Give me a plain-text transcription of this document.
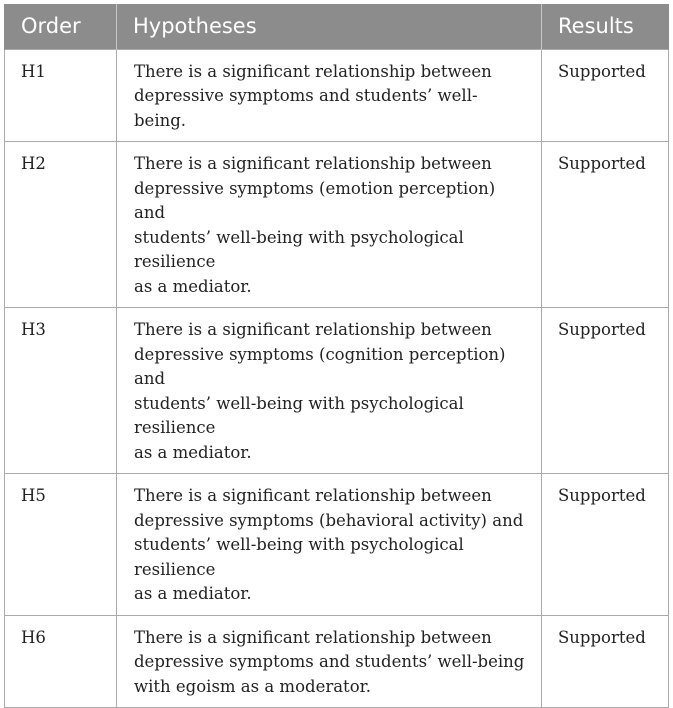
Order	Hypotheses	Results
H1	There is a significant relationship between
depressive symptoms and students’ well-being.	Supported
H2	There is a significant relationship between
depressive symptoms (emotion perception) and
students’ well-being with psychological resilience
as a mediator.	Supported
H3	There is a significant relationship between
depressive symptoms (cognition perception) and
students’ well-being with psychological resilience
as a mediator.	Supported
H5	There is a significant relationship between
depressive symptoms (behavioral activity) and
students’ well-being with psychological resilience
as a mediator.	Supported
H6	There is a significant relationship between
depressive symptoms and students’ well-being
with egoism as a moderator.	Supported
